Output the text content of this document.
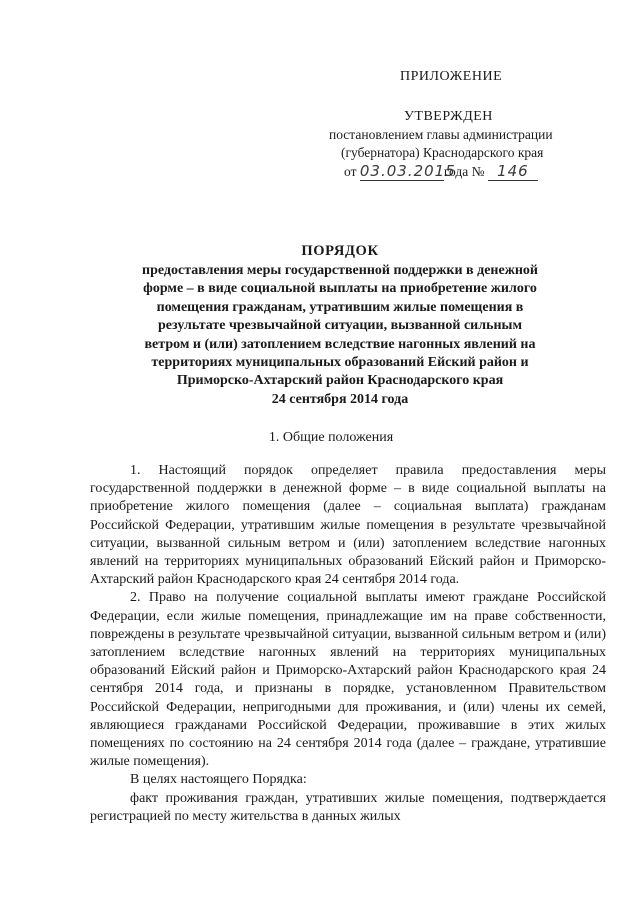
ПРИЛОЖЕНИЕ
УТВЕРЖДЕН
постановлением главы администрации
(губернатора) Краснодарского края
от 03.03.2015года № 146
ПОРЯДОК
предоставления меры государственной поддержки в денежной
форме – в виде социальной выплаты на приобретение жилого
помещения гражданам, утратившим жилые помещения в
результате чрезвычайной ситуации, вызванной сильным
ветром и (или) затоплением вследствие нагонных явлений на
территориях муниципальных образований Ейский район и
Приморско-Ахтарский район Краснодарского края
24 сентября 2014 года
1. Общие положения

1. Настоящий порядок определяет правила предоставления меры государственной поддержки в денежной форме – в виде социальной выплаты на приобретение жилого помещения (далее – социальная выплата) гражданам Российской Федерации, утратившим жилые помещения в результате чрезвычайной ситуации, вызванной сильным ветром и (или) затоплением вследствие нагонных явлений на территориях муниципальных образований Ейский район и Приморско-Ахтарский район Краснодарского края 24 сентября 2014 года.

2. Право на получение социальной выплаты имеют граждане Российской Федерации, если жилые помещения, принадлежащие им на праве собственности, повреждены в результате чрезвычайной ситуации, вызванной сильным ветром и (или) затоплением вследствие нагонных явлений на территориях муниципальных образований Ейский район и Приморско-Ахтарский район Краснодарского края 24 сентября 2014 года, и признаны в порядке, установленном Правительством Российской Федерации, непригодными для проживания, и (или) члены их семей, являющиеся гражданами Российской Федерации, проживавшие в этих жилых помещениях по состоянию на 24 сентября 2014 года (далее – граждане, утратившие жилые помещения).

В целях настоящего Порядка:

факт проживания граждан, утративших жилые помещения, подтверждается регистрацией по месту жительства в данных жилых
